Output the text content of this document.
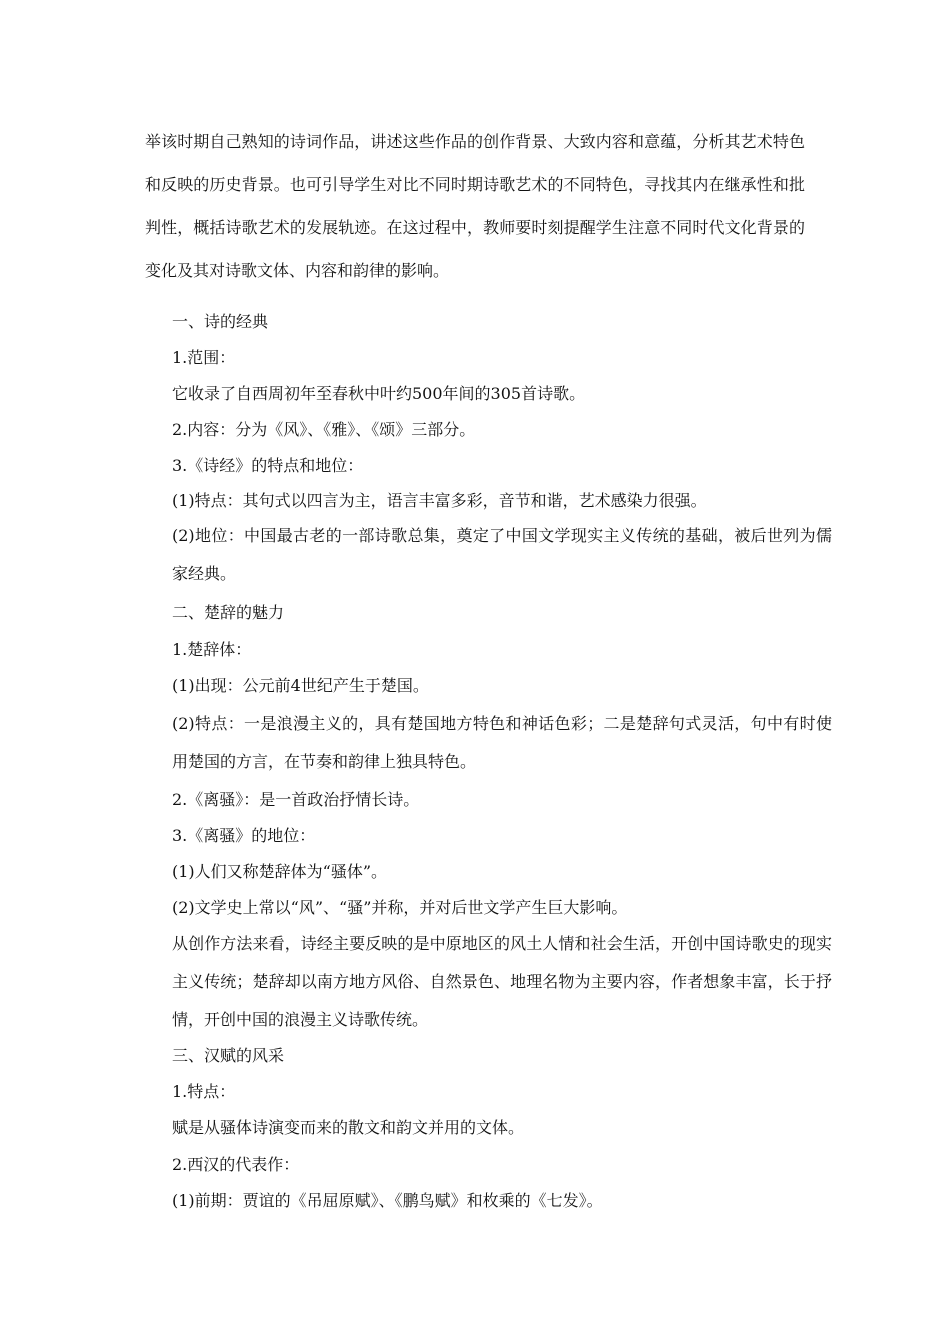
举该时期自己熟知的诗词作品，讲述这些作品的创作背景、大致内容和意蕴，分析其艺术特色和反映的历史背景。也可引导学生对比不同时期诗歌艺术的不同特色，寻找其内在继承性和批判性，概括诗歌艺术的发展轨迹。在这过程中，教师要时刻提醒学生注意不同时代文化背景的变化及其对诗歌文体、内容和韵律的影响。

一、诗的经典

1.范围：

它收录了自西周初年至春秋中叶约500年间的305首诗歌。

2.内容：分为《风》、《雅》、《颂》三部分。

3.《诗经》的特点和地位：

(1)特点：其句式以四言为主，语言丰富多彩，音节和谐，艺术感染力很强。

(2)地位：中国最古老的一部诗歌总集，奠定了中国文学现实主义传统的基础，被后世列为儒家经典。

二、楚辞的魅力

1.楚辞体：

(1)出现：公元前4世纪产生于楚国。

(2)特点：一是浪漫主义的，具有楚国地方特色和神话色彩；二是楚辞句式灵活，句中有时使用楚国的方言，在节奏和韵律上独具特色。

2.《离骚》：是一首政治抒情长诗。

3.《离骚》的地位：

(1)人们又称楚辞体为“骚体”。

(2)文学史上常以“风”、“骚”并称，并对后世文学产生巨大影响。

从创作方法来看，诗经主要反映的是中原地区的风土人情和社会生活，开创中国诗歌史的现实主义传统；楚辞却以南方地方风俗、自然景色、地理名物为主要内容，作者想象丰富，长于抒情，开创中国的浪漫主义诗歌传统。

三、汉赋的风采

1.特点：

赋是从骚体诗演变而来的散文和韵文并用的文体。

2.西汉的代表作：

(1)前期：贾谊的《吊屈原赋》、《鹏鸟赋》和枚乘的《七发》。
